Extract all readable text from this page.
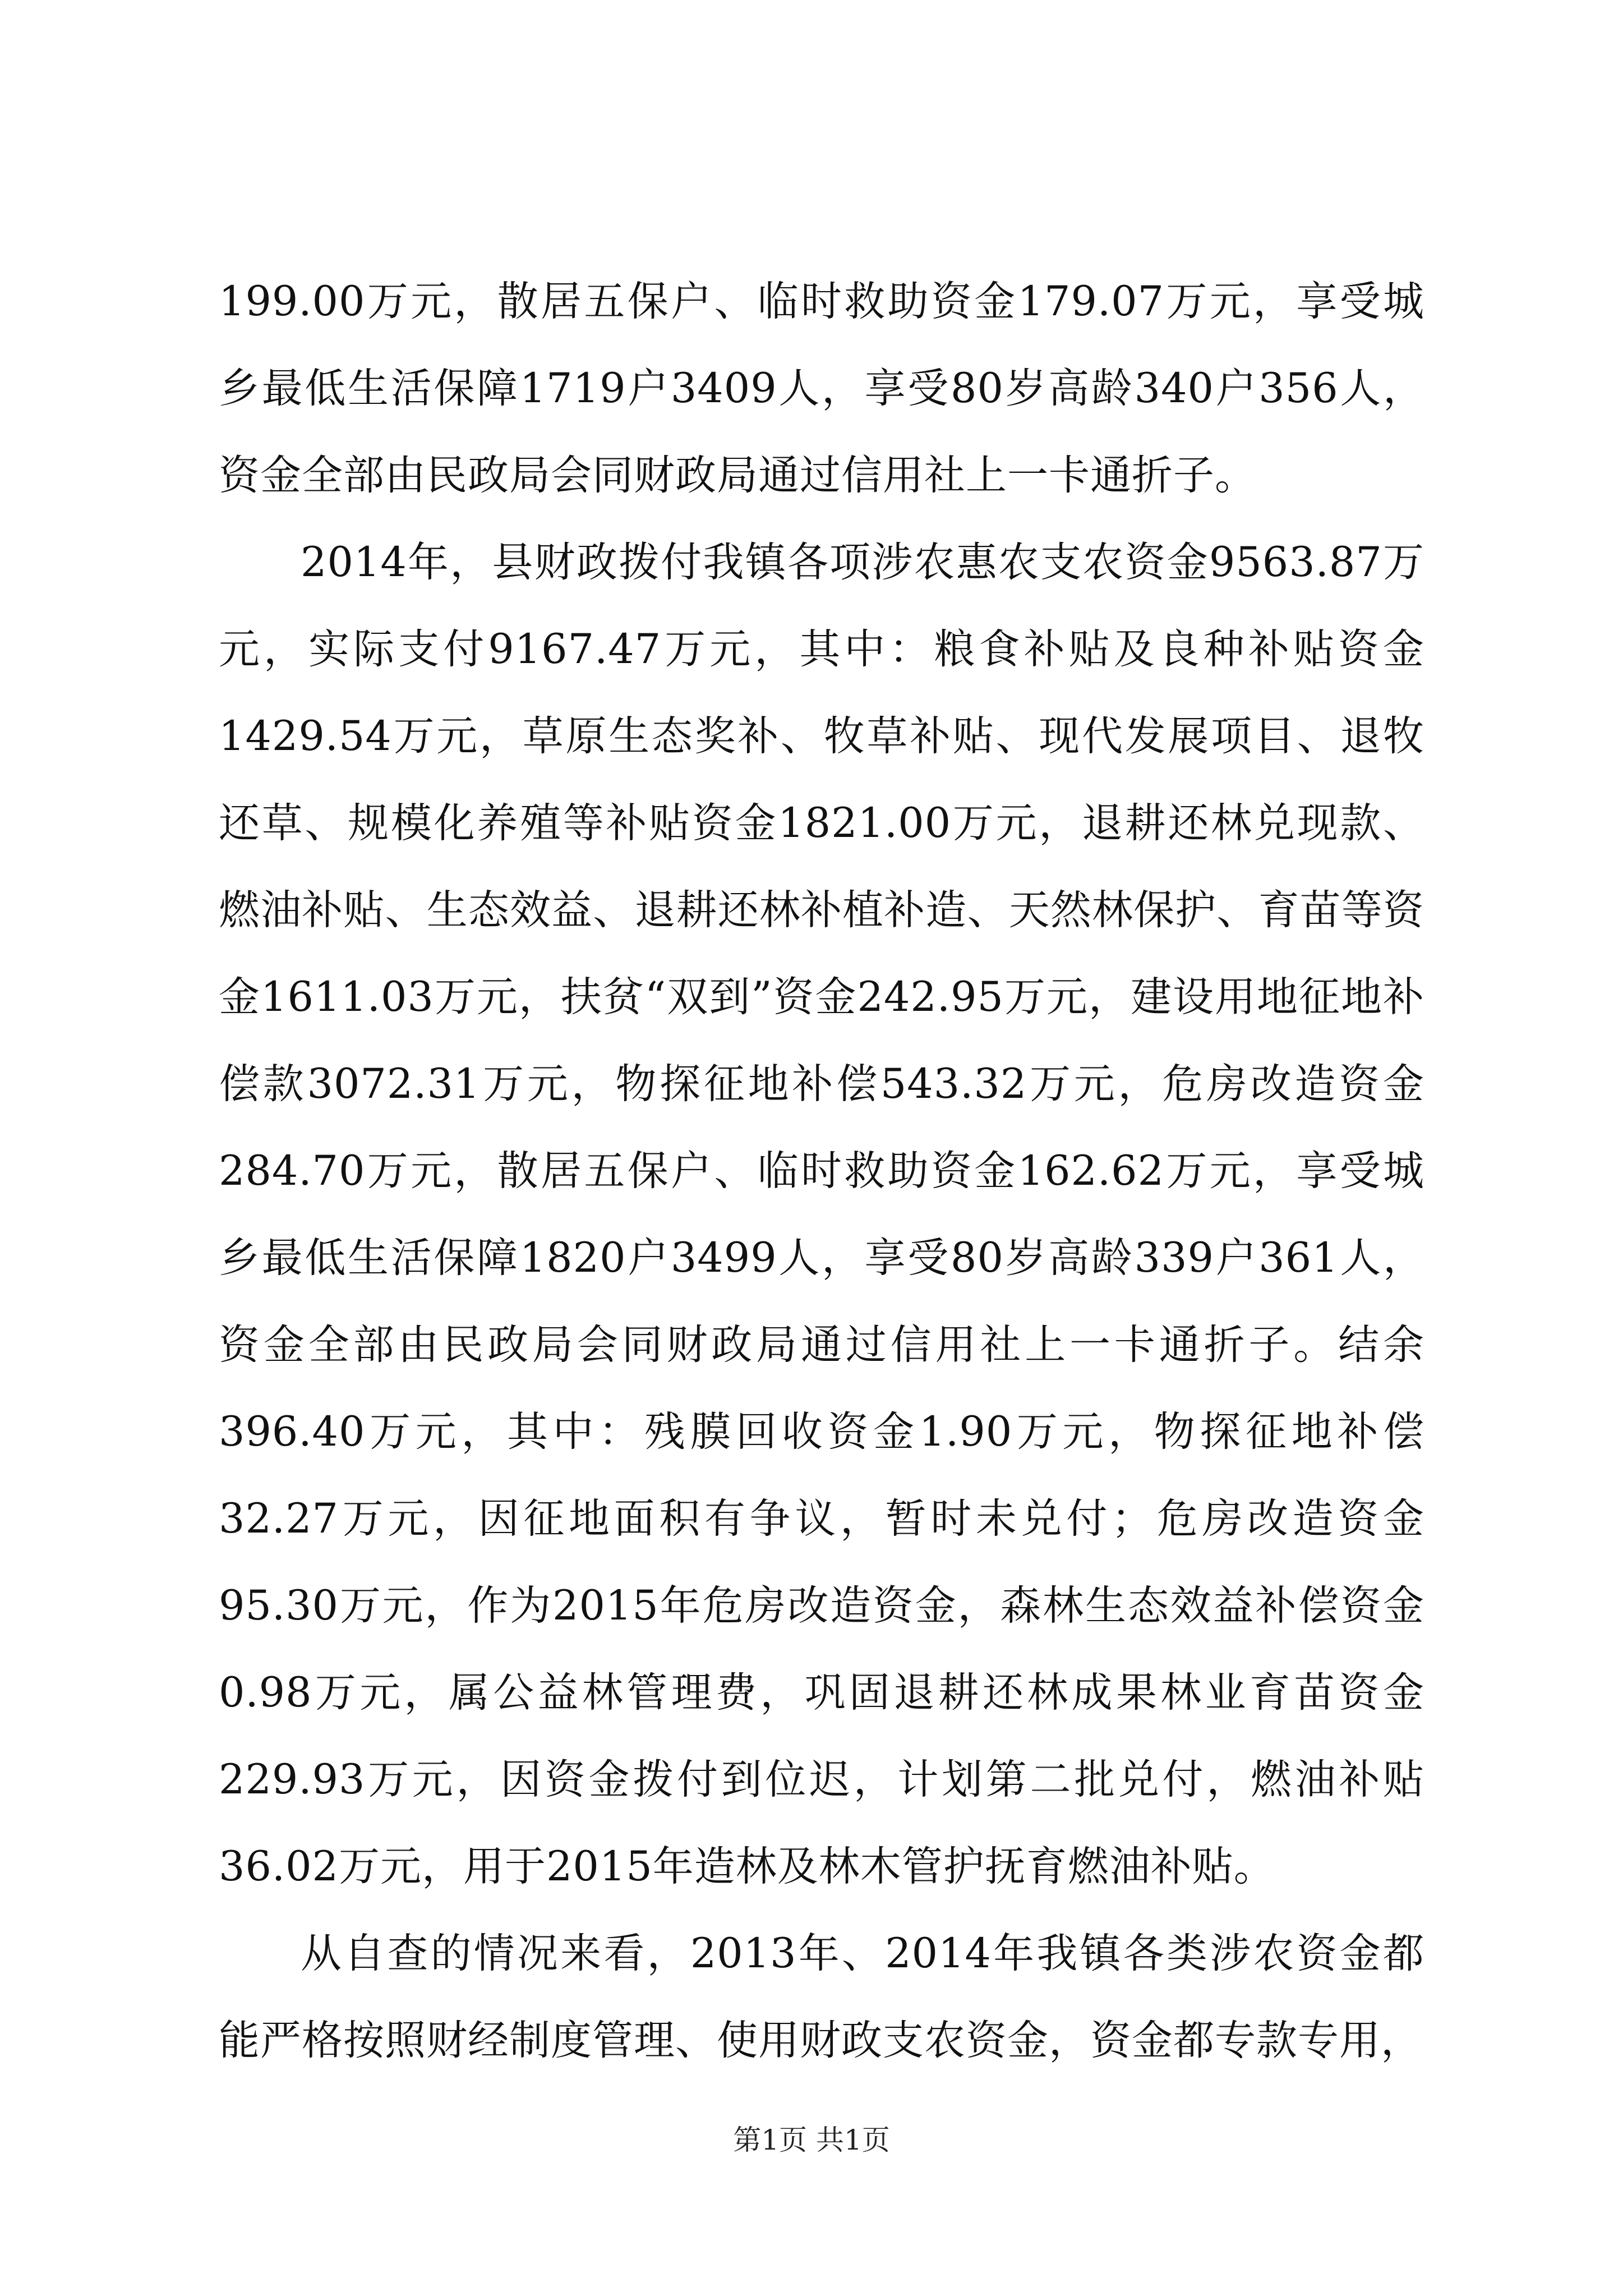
199.00万元，散居五保户、临时救助资金179.07万元，享受城乡最低生活保障1719户3409人，享受80岁高龄340户356人，资金全部由民政局会同财政局通过信用社上一卡通折子。

2014年，县财政拨付我镇各项涉农惠农支农资金9563.87万元，实际支付9167.47万元，其中：粮食补贴及良种补贴资金1429.54万元，草原生态奖补、牧草补贴、现代发展项目、退牧还草、规模化养殖等补贴资金1821.00万元，退耕还林兑现款、燃油补贴、生态效益、退耕还林补植补造、天然林保护、育苗等资金1611.03万元，扶贫“双到”资金242.95万元，建设用地征地补偿款3072.31万元，物探征地补偿543.32万元，危房改造资金284.70万元，散居五保户、临时救助资金162.62万元，享受城乡最低生活保障1820户3499人，享受80岁高龄339户361人，资金全部由民政局会同财政局通过信用社上一卡通折子。结余396.40万元，其中：残膜回收资金1.90万元，物探征地补偿32.27万元，因征地面积有争议，暂时未兑付；危房改造资金95.30万元，作为2015年危房改造资金，森林生态效益补偿资金0.98万元，属公益林管理费，巩固退耕还林成果林业育苗资金229.93万元，因资金拨付到位迟，计划第二批兑付，燃油补贴36.02万元，用于2015年造林及林木管护抚育燃油补贴。

从自查的情况来看，2013年、2014年我镇各类涉农资金都能严格按照财经制度管理、使用财政支农资金，资金都专款专用，

第1页 共1页
